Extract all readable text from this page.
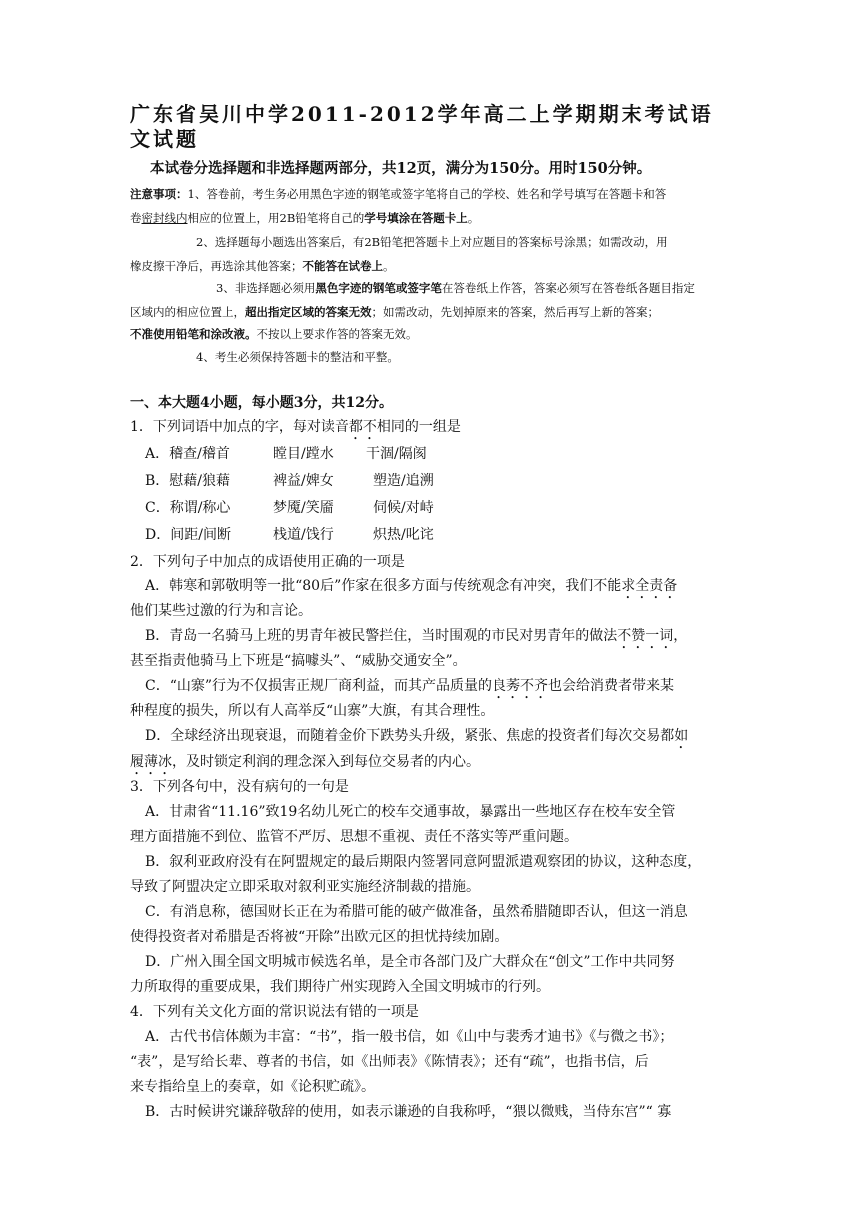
广东省吴川中学2011-2012学年高二上学期期末考试语文试题
本试卷分选择题和非选择题两部分，共12页，满分为150分。用时150分钟。
注意事项：1、答卷前，考生务必用黑色字迹的钢笔或签字笔将自己的学校、姓名和学号填写在答题卡和答
卷密封线内相应的位置上，用2B铅笔将自己的学号填涂在答题卡上。
2、选择题每小题选出答案后，有2B铅笔把答题卡上对应题目的答案标号涂黑；如需改动，用
橡皮擦干净后，再选涂其他答案；不能答在试卷上。
3、非选择题必须用黑色字迹的钢笔或签字笔在答卷纸上作答，答案必须写在答卷纸各题目指定
区域内的相应位置上，超出指定区域的答案无效；如需改动，先划掉原来的答案，然后再写上新的答案；
不准使用铅笔和涂改液。不按以上要求作答的答案无效。
4、考生必须保持答题卡的整洁和平整。
一、本大题4小题，每小题3分，共12分。
1．下列词语中加点的字，每对读音都不相同的一组是
A．稽查/稽首	瞠目/蹚水 干涸/隔阂
B．慰藉/狼藉	裨益/婢女	塑造/追溯
C．称谓/称心	梦魇/笑靥	伺候/对峙
D．间距/间断	栈道/饯行	炽热/叱诧
2．下列句子中加点的成语使用正确的一项是
A．韩寒和郭敬明等一批“80后”作家在很多方面与传统观念有冲突，我们不能求全责备
他们某些过激的行为和言论。
B．青岛一名骑马上班的男青年被民警拦住，当时围观的市民对男青年的做法不赞一词，
甚至指责他骑马上下班是“搞噱头”、“威胁交通安全”。
C．“山寨”行为不仅损害正规厂商利益，而其产品质量的良莠不齐也会给消费者带来某
种程度的损失，所以有人高举反“山寨”大旗，有其合理性。
D．全球经济出现衰退，而随着金价下跌势头升级，紧张、焦虑的投资者们每次交易都如
履薄冰，及时锁定利润的理念深入到每位交易者的内心。
3．下列各句中，没有病句的一句是
A．甘肃省“11.16”致19名幼儿死亡的校车交通事故，暴露出一些地区存在校车安全管
理方面措施不到位、监管不严厉、思想不重视、责任不落实等严重问题。
B．叙利亚政府没有在阿盟规定的最后期限内签署同意阿盟派遣观察团的协议，这种态度，
导致了阿盟决定立即采取对叙利亚实施经济制裁的措施。
C．有消息称，德国财长正在为希腊可能的破产做准备，虽然希腊随即否认，但这一消息
使得投资者对希腊是否将被“开除”出欧元区的担忧持续加剧。
D．广州入围全国文明城市候选名单，是全市各部门及广大群众在“创文”工作中共同努
力所取得的重要成果，我们期待广州实现跨入全国文明城市的行列。
4．下列有关文化方面的常识说法有错的一项是
A．古代书信体颇为丰富：“书”，指一般书信，如《山中与裴秀才迪书》《与微之书》；
“表”，是写给长辈、尊者的书信，如《出师表》《陈情表》；还有“疏”，也指书信，后
来专指给皇上的奏章，如《论积贮疏》。
B．古时候讲究谦辞敬辞的使用，如表示谦逊的自我称呼，“猥以微贱，当侍东宫”“ 寡
